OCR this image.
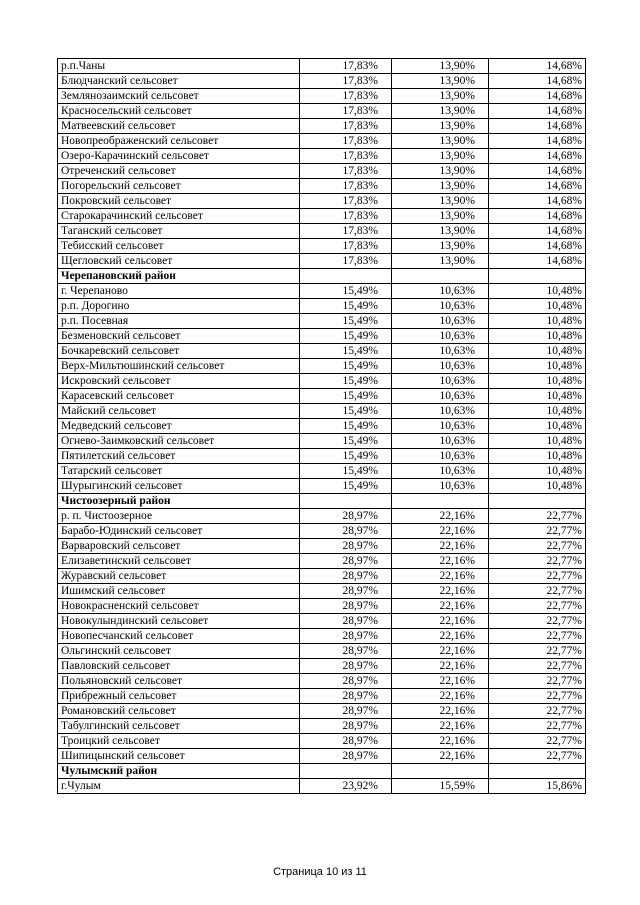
р.п.Чаны	17,83%	13,90%	14,68%
Блюдчанский сельсовет	17,83%	13,90%	14,68%
Землянозаимский сельсовет	17,83%	13,90%	14,68%
Красносельский сельсовет	17,83%	13,90%	14,68%
Матвеевский сельсовет	17,83%	13,90%	14,68%
Новопреображенский сельсовет	17,83%	13,90%	14,68%
Озеро-Карачинский сельсовет	17,83%	13,90%	14,68%
Отреченский сельсовет	17,83%	13,90%	14,68%
Погорельский сельсовет	17,83%	13,90%	14,68%
Покровский сельсовет	17,83%	13,90%	14,68%
Старокарачинский сельсовет	17,83%	13,90%	14,68%
Таганский сельсовет	17,83%	13,90%	14,68%
Тебисский сельсовет	17,83%	13,90%	14,68%
Щегловский сельсовет	17,83%	13,90%	14,68%
Черепановский район			
г. Черепаново	15,49%	10,63%	10,48%
р.п. Дорогино	15,49%	10,63%	10,48%
р.п. Посевная	15,49%	10,63%	10,48%
Безменовский сельсовет	15,49%	10,63%	10,48%
Бочкаревский сельсовет	15,49%	10,63%	10,48%
Верх-Мильтюшинский сельсовет	15,49%	10,63%	10,48%
Искровский сельсовет	15,49%	10,63%	10,48%
Карасевский сельсовет	15,49%	10,63%	10,48%
Майский сельсовет	15,49%	10,63%	10,48%
Медведский сельсовет	15,49%	10,63%	10,48%
Огнево-Заимковский сельсовет	15,49%	10,63%	10,48%
Пятилетский сельсовет	15,49%	10,63%	10,48%
Татарский сельсовет	15,49%	10,63%	10,48%
Шурыгинский сельсовет	15,49%	10,63%	10,48%
Чистоозерный район			
р. п. Чистоозерное	28,97%	22,16%	22,77%
Барабо-Юдинский сельсовет	28,97%	22,16%	22,77%
Варваровский сельсовет	28,97%	22,16%	22,77%
Елизаветинский сельсовет	28,97%	22,16%	22,77%
Журавский сельсовет	28,97%	22,16%	22,77%
Ишимский сельсовет	28,97%	22,16%	22,77%
Новокрасненский сельсовет	28,97%	22,16%	22,77%
Новокулындинский сельсовет	28,97%	22,16%	22,77%
Новопесчанский сельсовет	28,97%	22,16%	22,77%
Ольгинский сельсовет	28,97%	22,16%	22,77%
Павловский сельсовет	28,97%	22,16%	22,77%
Польяновский сельсовет	28,97%	22,16%	22,77%
Прибрежный сельсовет	28,97%	22,16%	22,77%
Романовский сельсовет	28,97%	22,16%	22,77%
Табулгинский сельсовет	28,97%	22,16%	22,77%
Троицкий сельсовет	28,97%	22,16%	22,77%
Шипицынский сельсовет	28,97%	22,16%	22,77%
Чулымский район			
г.Чулым	23,92%	15,59%	15,86%
Страница 10 из 11
